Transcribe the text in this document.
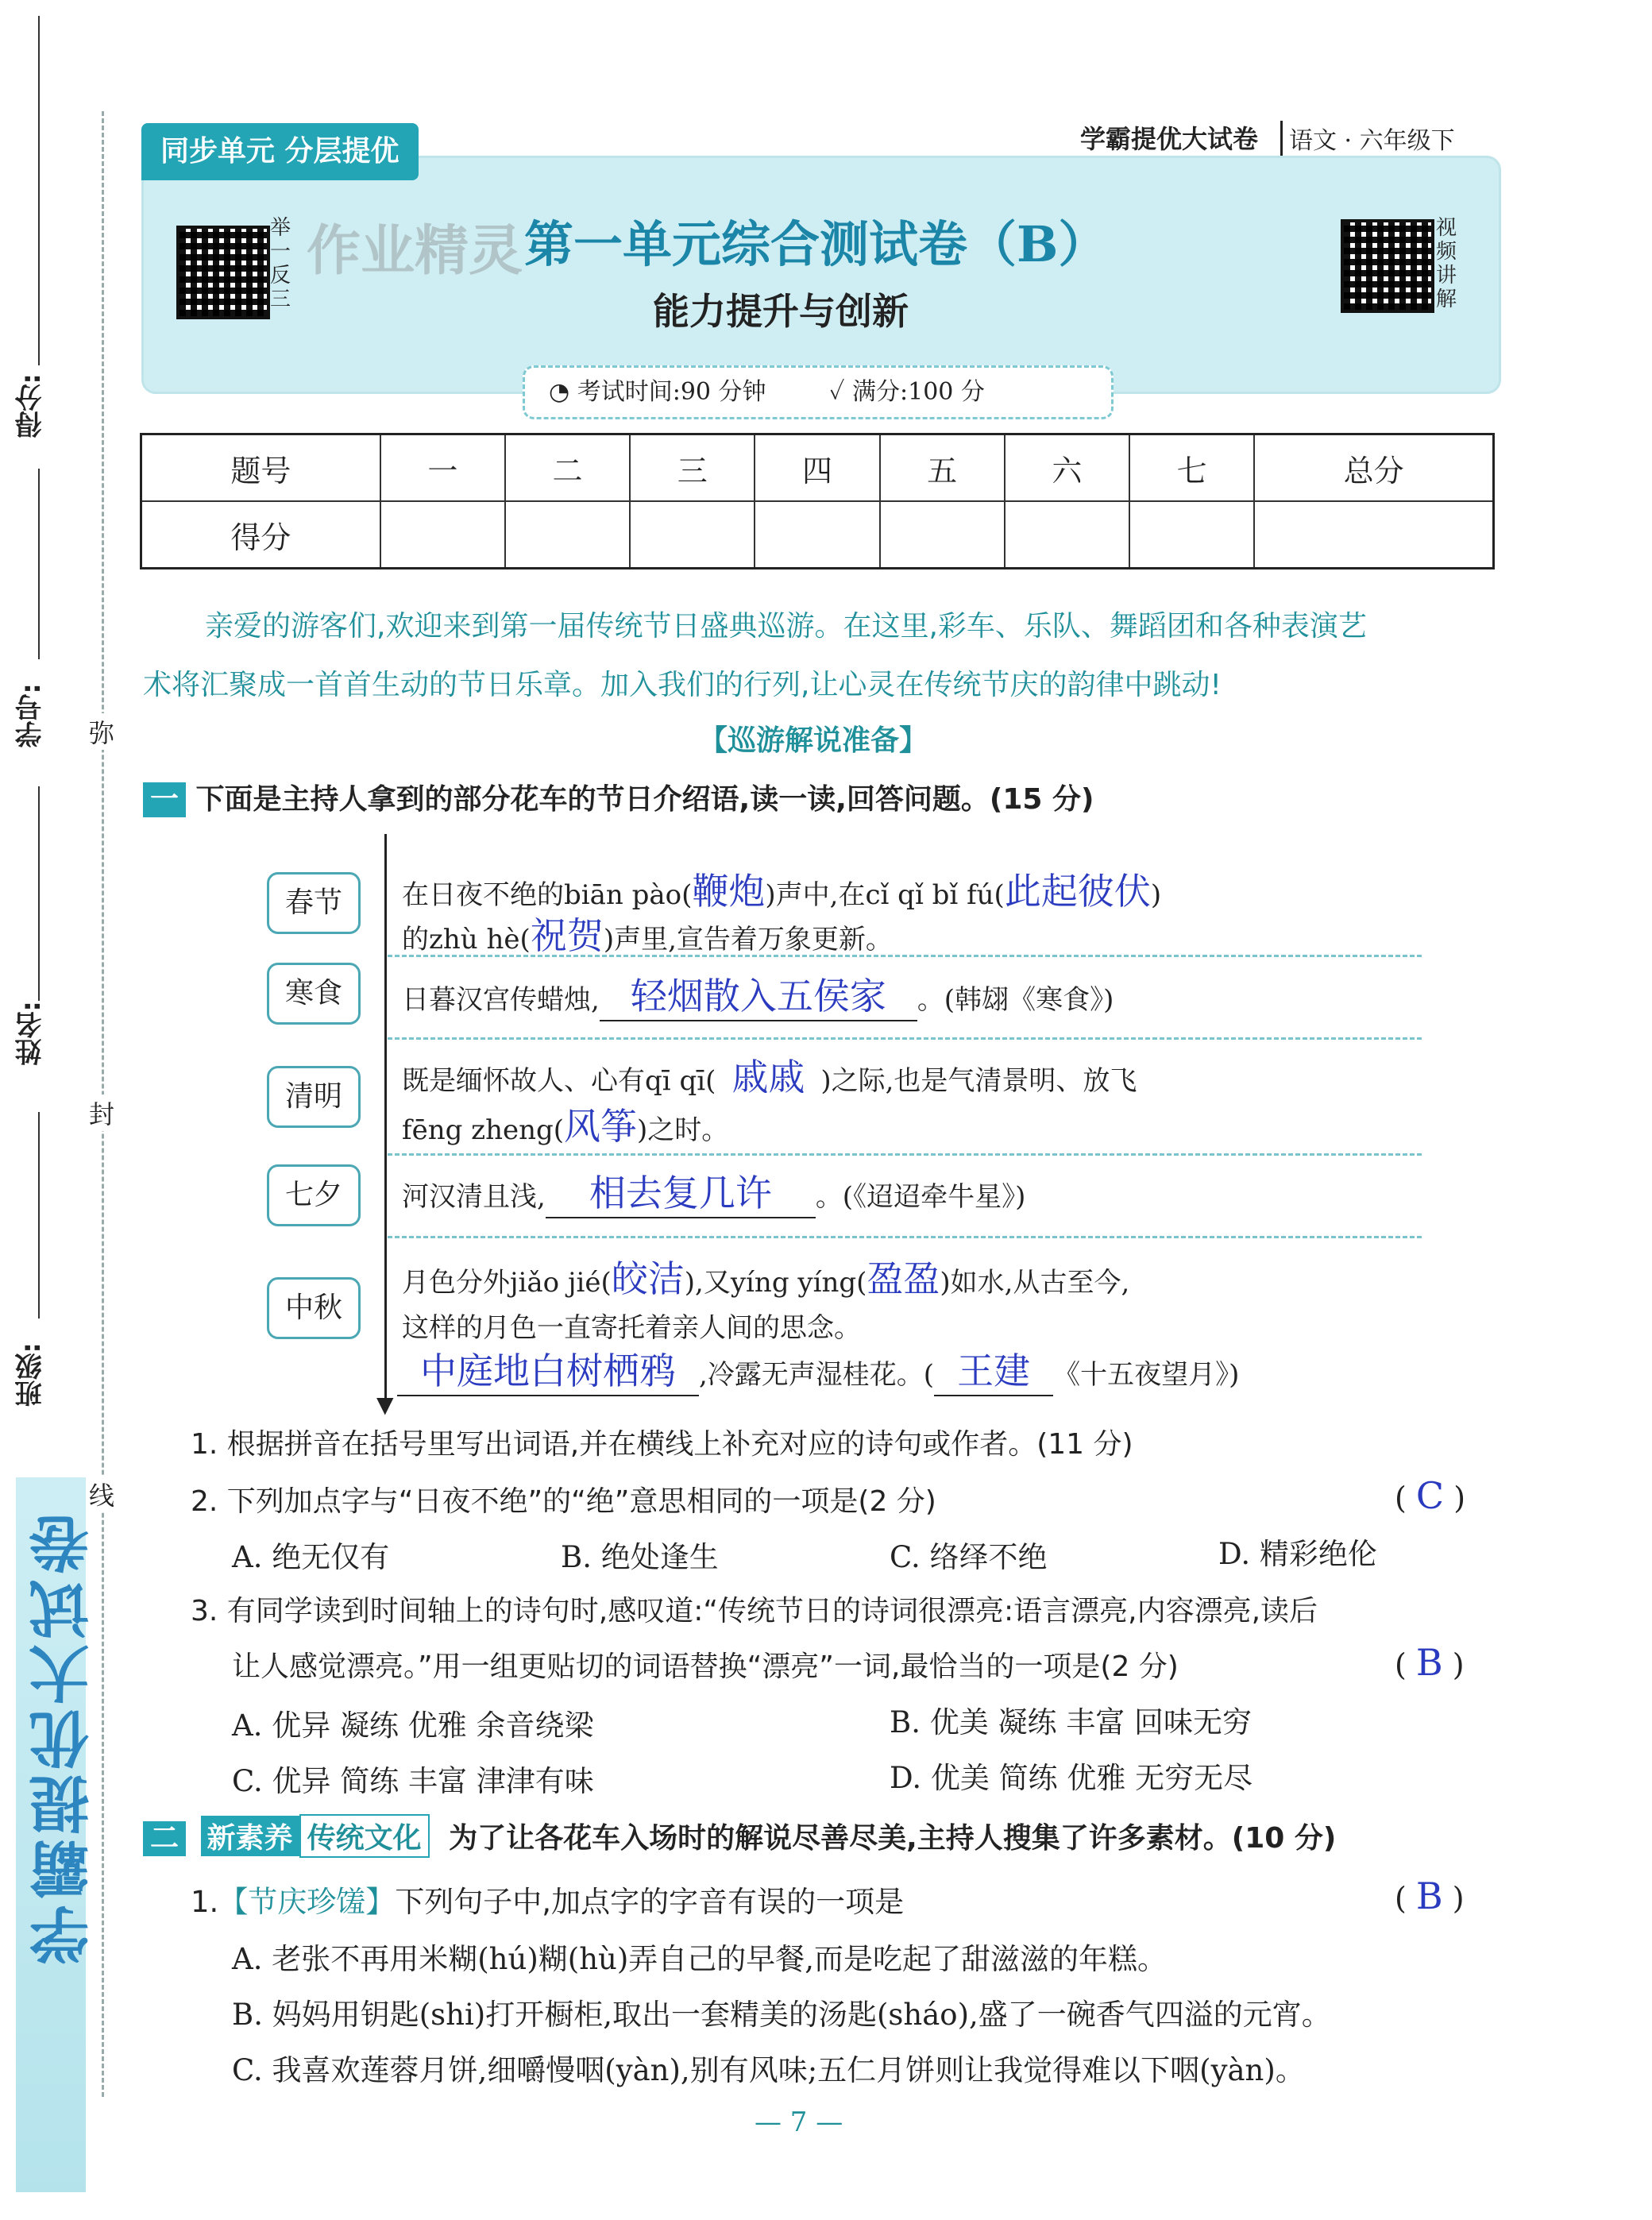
得分:
学号:
姓名:
班级:
弥
封
线
学霸提优大试卷
学霸提优大试卷	语文 · 六年级下
同步单元 分层提优
举一反三
作业精灵 第一单元综合测试卷（B）
能力提升与创新
视频讲解
◔ 考试时间:90 分钟	✓ 满分:100 分
题号	一	二	三	四	五	六	七	总分
得分								
亲爱的游客们,欢迎来到第一届传统节日盛典巡游。在这里,彩车、乐队、舞蹈团和各种表演艺
术将汇聚成一首首生动的节日乐章。加入我们的行列,让心灵在传统节庆的韵律中跳动!
【巡游解说准备】
一 下面是主持人拿到的部分花车的节日介绍语,读一读,回答问题。(15 分)
▼
春节
寒食
清明
七夕
中秋
在日夜不绝的biān pào(鞭炮)声中,在cǐ qǐ bǐ fú(此起彼伏)
的zhù hè(祝贺)声里,宣告着万象更新。
日暮汉宫传蜡烛, 轻烟散入五侯家 。(韩翃《寒食》)
既是缅怀故人、心有qī qī( 戚戚 )之际,也是气清景明、放飞
fēng zheng(风筝)之时。
河汉清且浅, 相去复几许 。(《迢迢牵牛星》)
月色分外jiǎo jié(皎洁),又yíng yíng(盈盈)如水,从古至今,
这样的月色一直寄托着亲人间的思念。
中庭地白树栖鸦 ,冷露无声湿桂花。( 王建 《十五夜望月》)
1. 根据拼音在括号里写出词语,并在横线上补充对应的诗句或作者。(11 分)
2. 下列加点字与“日夜不绝”的“绝”意思相同的一项是(2 分)	( C )
A. 绝无仅有	B. 绝处逢生	C. 络绎不绝	D. 精彩绝伦
3. 有同学读到时间轴上的诗句时,感叹道:“传统节日的诗词很漂亮:语言漂亮,内容漂亮,读后
让人感觉漂亮。”用一组更贴切的词语替换“漂亮”一词,最恰当的一项是(2 分)	( B )
A. 优异 凝练 优雅 余音绕梁	B. 优美 凝练 丰富 回味无穷
C. 优异 简练 丰富 津津有味	D. 优美 简练 优雅 无穷无尽
二 新素养 传统文化 为了让各花车入场时的解说尽善尽美,主持人搜集了许多素材。(10 分)
1.【节庆珍馐】下列句子中,加点字的字音有误的一项是	( B )
A. 老张不再用米糊(hú)糊(hù)弄自己的早餐,而是吃起了甜滋滋的年糕。
B. 妈妈用钥匙(shi)打开橱柜,取出一套精美的汤匙(sháo),盛了一碗香气四溢的元宵。
C. 我喜欢莲蓉月饼,细嚼慢咽(yàn),别有风味;五仁月饼则让我觉得难以下咽(yàn)。
— 7 —
